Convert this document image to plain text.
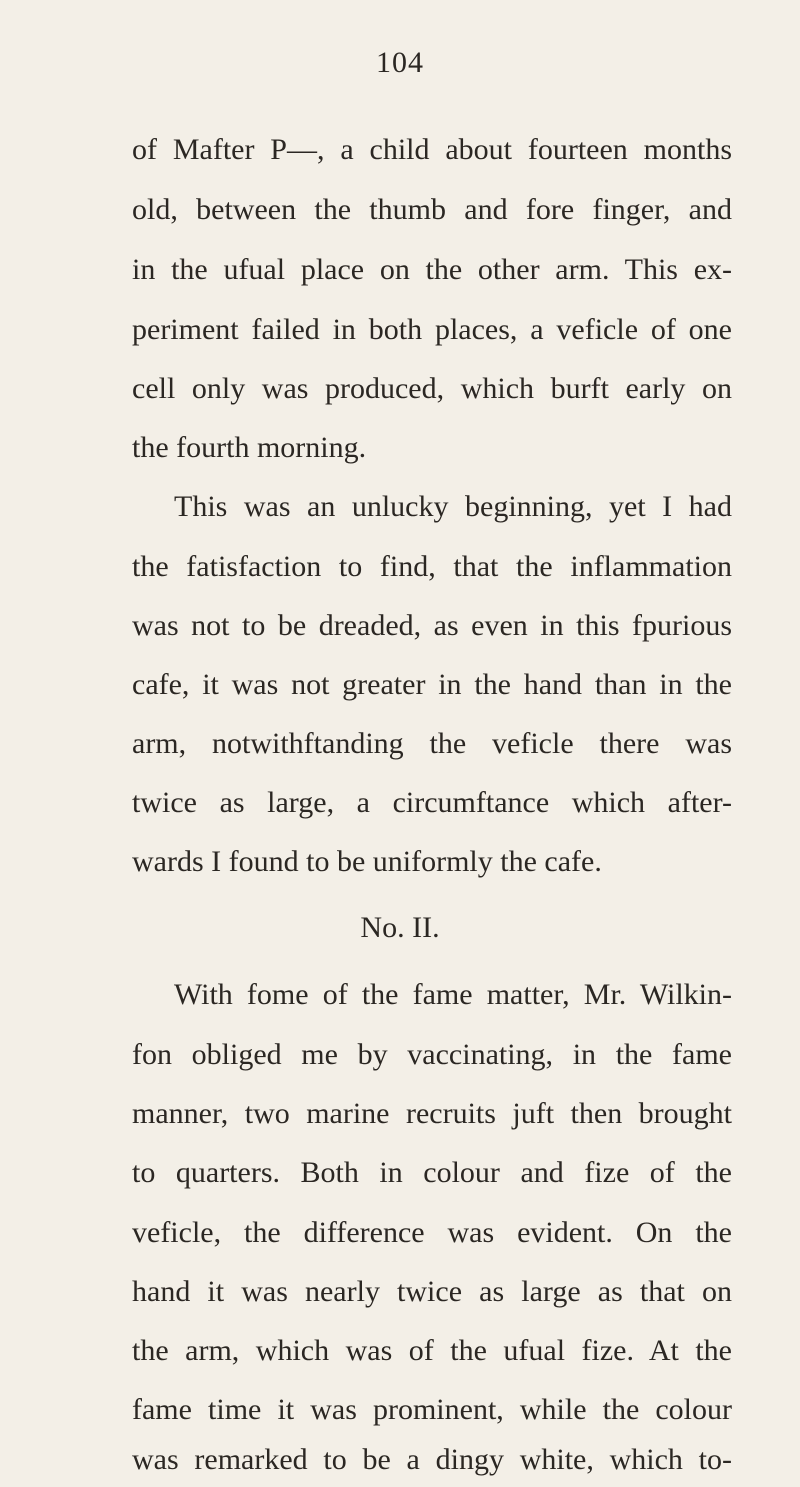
104
of Mafter P—, a child about fourteen months
old, between the thumb and fore finger, and
in the ufual place on the other arm. This ex-
periment failed in both places, a veficle of one
cell only was produced, which burft early on
the fourth morning.
This was an unlucky beginning, yet I had
the fatisfaction to find, that the inflammation
was not to be dreaded, as even in this fpurious
cafe, it was not greater in the hand than in the
arm, notwithftanding the veficle there was
twice as large, a circumftance which after-
wards I found to be uniformly the cafe.
No. II.
With fome of the fame matter, Mr. Wilkin-
fon obliged me by vaccinating, in the fame
manner, two marine recruits juft then brought
to quarters. Both in colour and fize of the
veficle, the difference was evident. On the
hand it was nearly twice as large as that on
the arm, which was of the ufual fize. At the
fame time it was prominent, while the colour
was remarked to be a dingy white, which to-
